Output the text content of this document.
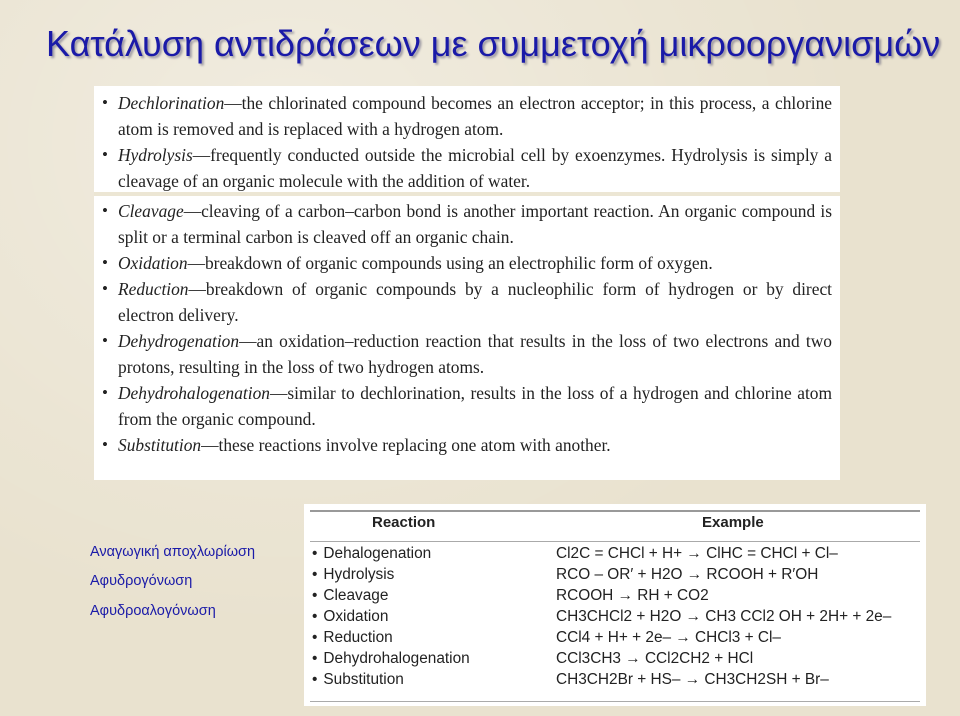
Κατάλυση αντιδράσεων με συμμετοχή μικροοργανισμών
• Dechlorination—the chlorinated compound becomes an electron acceptor; in this process, a chlorine atom is removed and is replaced with a hydrogen atom.
• Hydrolysis—frequently conducted outside the microbial cell by exoenzymes. Hydrolysis is simply a cleavage of an organic molecule with the addition of water.
• Cleavage—cleaving of a carbon–carbon bond is another important reaction. An organic compound is split or a terminal carbon is cleaved off an organic chain.
• Oxidation—breakdown of organic compounds using an electrophilic form of oxygen.
• Reduction—breakdown of organic compounds by a nucleophilic form of hydrogen or by direct electron delivery.
• Dehydrogenation—an oxidation–reduction reaction that results in the loss of two electrons and two protons, resulting in the loss of two hydrogen atoms.
• Dehydrohalogenation—similar to dechlorination, results in the loss of a hydrogen and chlorine atom from the organic compound.
• Substitution—these reactions involve replacing one atom with another.
Αναγωγική αποχλωρίωση
Αφυδρογόνωση
Αφυδροαλογόνωση
Reaction	Example
• Dehalogenation	Cl2C = CHCl + H+ → ClHC = CHCl + Cl–
• Hydrolysis	RCO – OR′ + H2O → RCOOH + R′OH
• Cleavage	RCOOH → RH + CO2
• Oxidation	CH3CHCl2 + H2O → CH3 CCl2 OH + 2H+ + 2e–
• Reduction	CCl4 + H+ + 2e– → CHCl3 + Cl–
• Dehydrohalogenation	CCl3CH3 → CCl2CH2 + HCl
• Substitution	CH3CH2Br + HS– → CH3CH2SH + Br–
